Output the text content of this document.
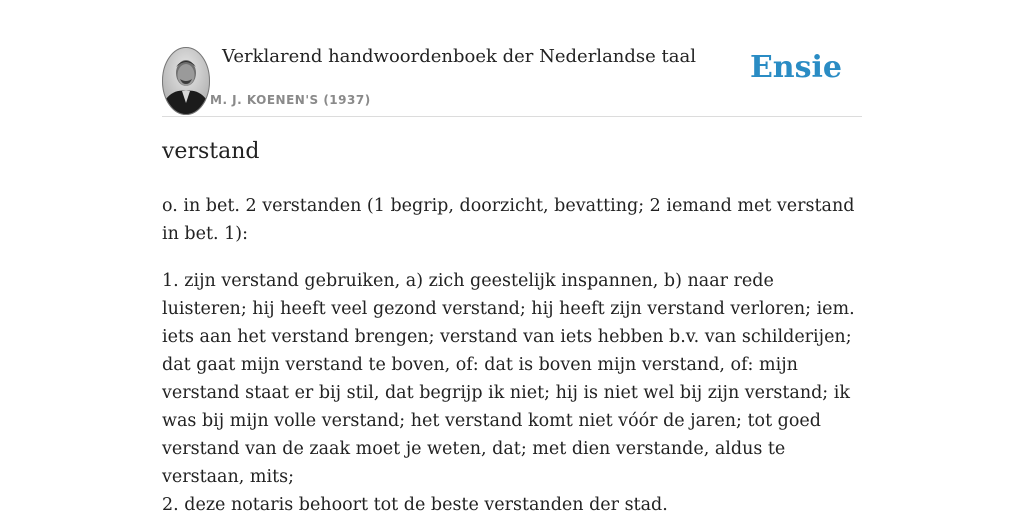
Verklarend handwoordenboek der Nederlandse taal
M. J. KOENEN'S (1937)
Ensie
verstand

o. in bet. 2 verstanden (1 begrip, doorzicht, bevatting; 2 iemand met verstand in bet. 1):

1. zijn verstand gebruiken, a) zich geestelijk inspannen, b) naar rede luisteren; hij heeft veel gezond verstand; hij heeft zijn verstand verloren; iem. iets aan het verstand brengen; verstand van iets hebben b.v. van schilderijen; dat gaat mijn verstand te boven, of: dat is boven mijn verstand, of: mijn verstand staat er bij stil, dat begrijp ik niet; hij is niet wel bij zijn verstand; ik was bij mijn volle verstand; het verstand komt niet vóór de jaren; tot goed verstand van de zaak moet je weten, dat; met dien verstande, aldus te verstaan, mits;
2. deze notaris behoort tot de beste verstanden der stad.
